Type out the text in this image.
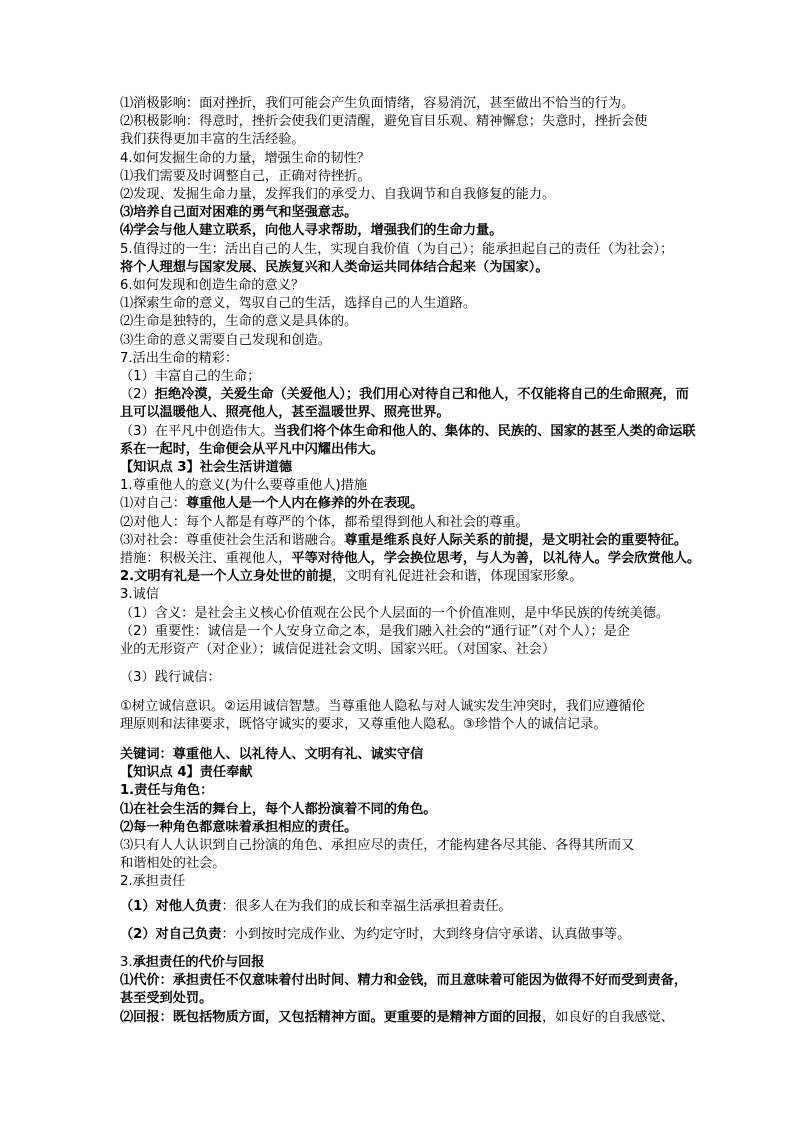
⑴消极影响：面对挫折，我们可能会产生负面情绪，容易消沉，甚至做出不恰当的行为。
⑵积极影响：得意时，挫折会使我们更清醒，避免盲目乐观、精神懈怠；失意时，挫折会使
我们获得更加丰富的生活经验。
4.如何发掘生命的力量，增强生命的韧性？
⑴我们需要及时调整自己，正确对待挫折。
⑵发现、发掘生命力量，发挥我们的承受力、自我调节和自我修复的能力。
⑶培养自己面对困难的勇气和坚强意志。
⑷学会与他人建立联系，向他人寻求帮助，增强我们的生命力量。
5.值得过的一生：活出自己的人生，实现自我价值（为自己）；能承担起自己的责任（为社会）；
将个人理想与国家发展、民族复兴和人类命运共同体结合起来（为国家）。
6.如何发现和创造生命的意义？
⑴探索生命的意义，驾驭自己的生活，选择自己的人生道路。
⑵生命是独特的，生命的意义是具体的。
⑶生命的意义需要自己发现和创造。
7.活出生命的精彩：
（1）丰富自己的生命；
（2）拒绝冷漠，关爱生命（关爱他人）；我们用心对待自己和他人，不仅能将自己的生命照亮，而
且可以温暖他人、照亮他人，甚至温暖世界、照亮世界。
（3）在平凡中创造伟大。当我们将个体生命和他人的、集体的、民族的、国家的甚至人类的命运联
系在一起时，生命便会从平凡中闪耀出伟大。
【知识点 3】社会生活讲道德
1.尊重他人的意义(为什么要尊重他人)措施
⑴对自己：尊重他人是一个人内在修养的外在表现。
⑵对他人：每个人都是有尊严的个体，都希望得到他人和社会的尊重。
⑶对社会：尊重使社会生活和谐融合。尊重是维系良好人际关系的前提，是文明社会的重要特征。
措施：积极关注、重视他人，平等对待他人，学会换位思考，与人为善，以礼待人。学会欣赏他人。
2.文明有礼是一个人立身处世的前提，文明有礼促进社会和谐，体现国家形象。
3.诚信
（1）含义：是社会主义核心价值观在公民个人层面的一个价值准则，是中华民族的传统美德。
（2）重要性：诚信是一个人安身立命之本，是我们融入社会的“通行证”（对个人）；是企
业的无形资产（对企业）；诚信促进社会文明、国家兴旺。（对国家、社会）
（3）践行诚信：
①树立诚信意识。②运用诚信智慧。当尊重他人隐私与对人诚实发生冲突时，我们应遵循伦
理原则和法律要求，既恪守诚实的要求，又尊重他人隐私。③珍惜个人的诚信记录。
关键词：尊重他人、以礼待人、文明有礼、诚实守信
【知识点 4】责任奉献
1.责任与角色：
⑴在社会生活的舞台上，每个人都扮演着不同的角色。
⑵每一种角色都意味着承担相应的责任。
⑶只有人人认识到自己扮演的角色、承担应尽的责任，才能构建各尽其能、各得其所而又
和谐相处的社会。
2.承担责任
（1）对他人负责：很多人在为我们的成长和幸福生活承担着责任。
（2）对自己负责：小到按时完成作业、为约定守时，大到终身信守承诺、认真做事等。
3.承担责任的代价与回报
⑴代价：承担责任不仅意味着付出时间、精力和金钱，而且意味着可能因为做得不好而受到责备，
甚至受到处罚。
⑵回报：既包括物质方面，又包括精神方面。更重要的是精神方面的回报，如良好的自我感觉、
